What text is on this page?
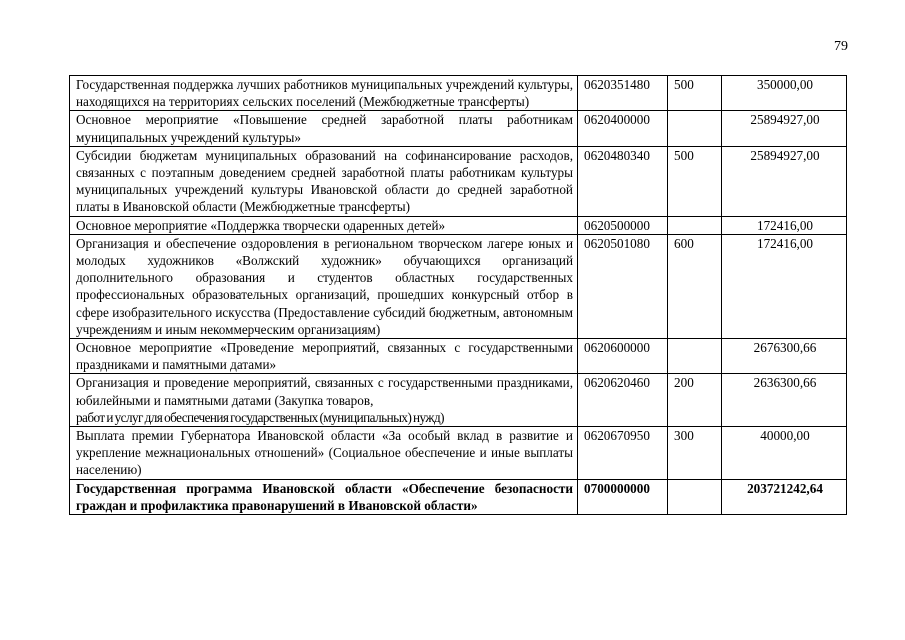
79
Государственная поддержка лучших работников муниципальных учреждений культуры, находящихся на территориях сельских поселений (Межбюджетные трансферты)	0620351480	500	350000,00
Основное мероприятие «Повышение средней заработной платы работникам муниципальных учреждений культуры»	0620400000		25894927,00
Субсидии бюджетам муниципальных образований на софинансирование расходов, связанных с поэтапным доведением средней заработной платы работникам культуры муниципальных учреждений культуры Ивановской области до средней заработной платы в Ивановской области (Межбюджетные трансферты)	0620480340	500	25894927,00
Основное мероприятие «Поддержка творчески одаренных детей»	0620500000		172416,00
Организация и обеспечение оздоровления в региональном творческом лагере юных и молодых художников «Волжский художник» обучающихся организаций дополнительного образования и студентов областных государственных профессиональных образовательных организаций, прошедших конкурсный отбор в сфере изобразительного искусства (Предоставление субсидий бюджетным, автономным учреждениям и иным некоммерческим организациям)	0620501080	600	172416,00
Основное мероприятие «Проведение мероприятий, связанных с государственными праздниками и памятными датами»	0620600000		2676300,66
Организация и проведение мероприятий, связанных с государственными праздниками, юбилейными и памятными датами (Закупка товаров,
работ и услуг для обеспечения государственных (муниципальных) нужд)	0620620460	200	2636300,66
Выплата премии Губернатора Ивановской области «За особый вклад в развитие и укрепление межнациональных отношений» (Социальное обеспечение и иные выплаты населению)	0620670950	300	40000,00
Государственная программа Ивановской области «Обеспечение безопасности граждан и профилактика правонарушений в Ивановской области»	0700000000		203721242,64
